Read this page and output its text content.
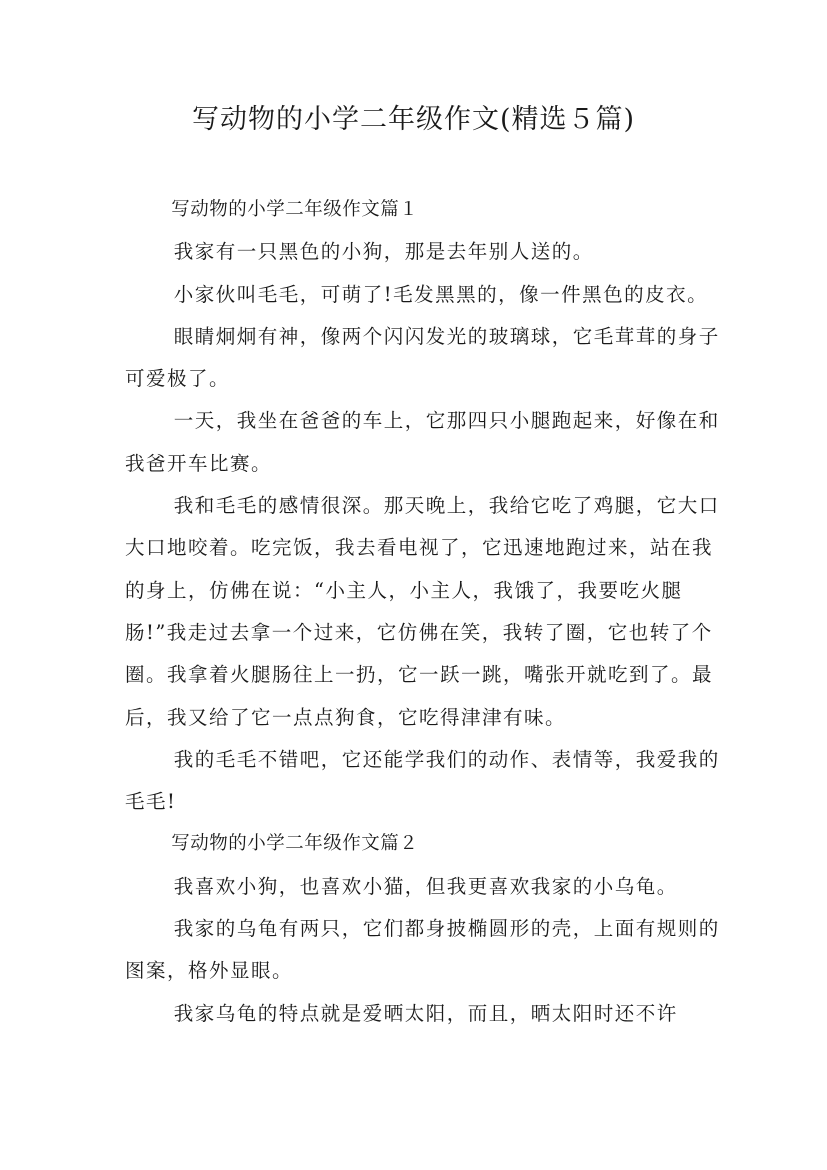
写动物的小学二年级作文(精选５篇)

写动物的小学二年级作文篇１

我家有一只黑色的小狗，那是去年别人送的。

小家伙叫毛毛，可萌了!毛发黑黑的，像一件黑色的皮衣。

眼睛炯炯有神，像两个闪闪发光的玻璃球，它毛茸茸的身子可爱极了。

一天，我坐在爸爸的车上，它那四只小腿跑起来，好像在和我爸开车比赛。

我和毛毛的感情很深。那天晚上，我给它吃了鸡腿，它大口大口地咬着。吃完饭，我去看电视了，它迅速地跑过来，站在我的身上，仿佛在说：“小主人，小主人，我饿了，我要吃火腿肠!”我走过去拿一个过来，它仿佛在笑，我转了圈，它也转了个圈。我拿着火腿肠往上一扔，它一跃一跳，嘴张开就吃到了。最后，我又给了它一点点狗食，它吃得津津有味。

我的毛毛不错吧，它还能学我们的动作、表情等，我爱我的毛毛!

写动物的小学二年级作文篇２

我喜欢小狗，也喜欢小猫，但我更喜欢我家的小乌龟。

我家的乌龟有两只，它们都身披椭圆形的壳，上面有规则的图案，格外显眼。

我家乌龟的特点就是爱晒太阳，而且，晒太阳时还不许
